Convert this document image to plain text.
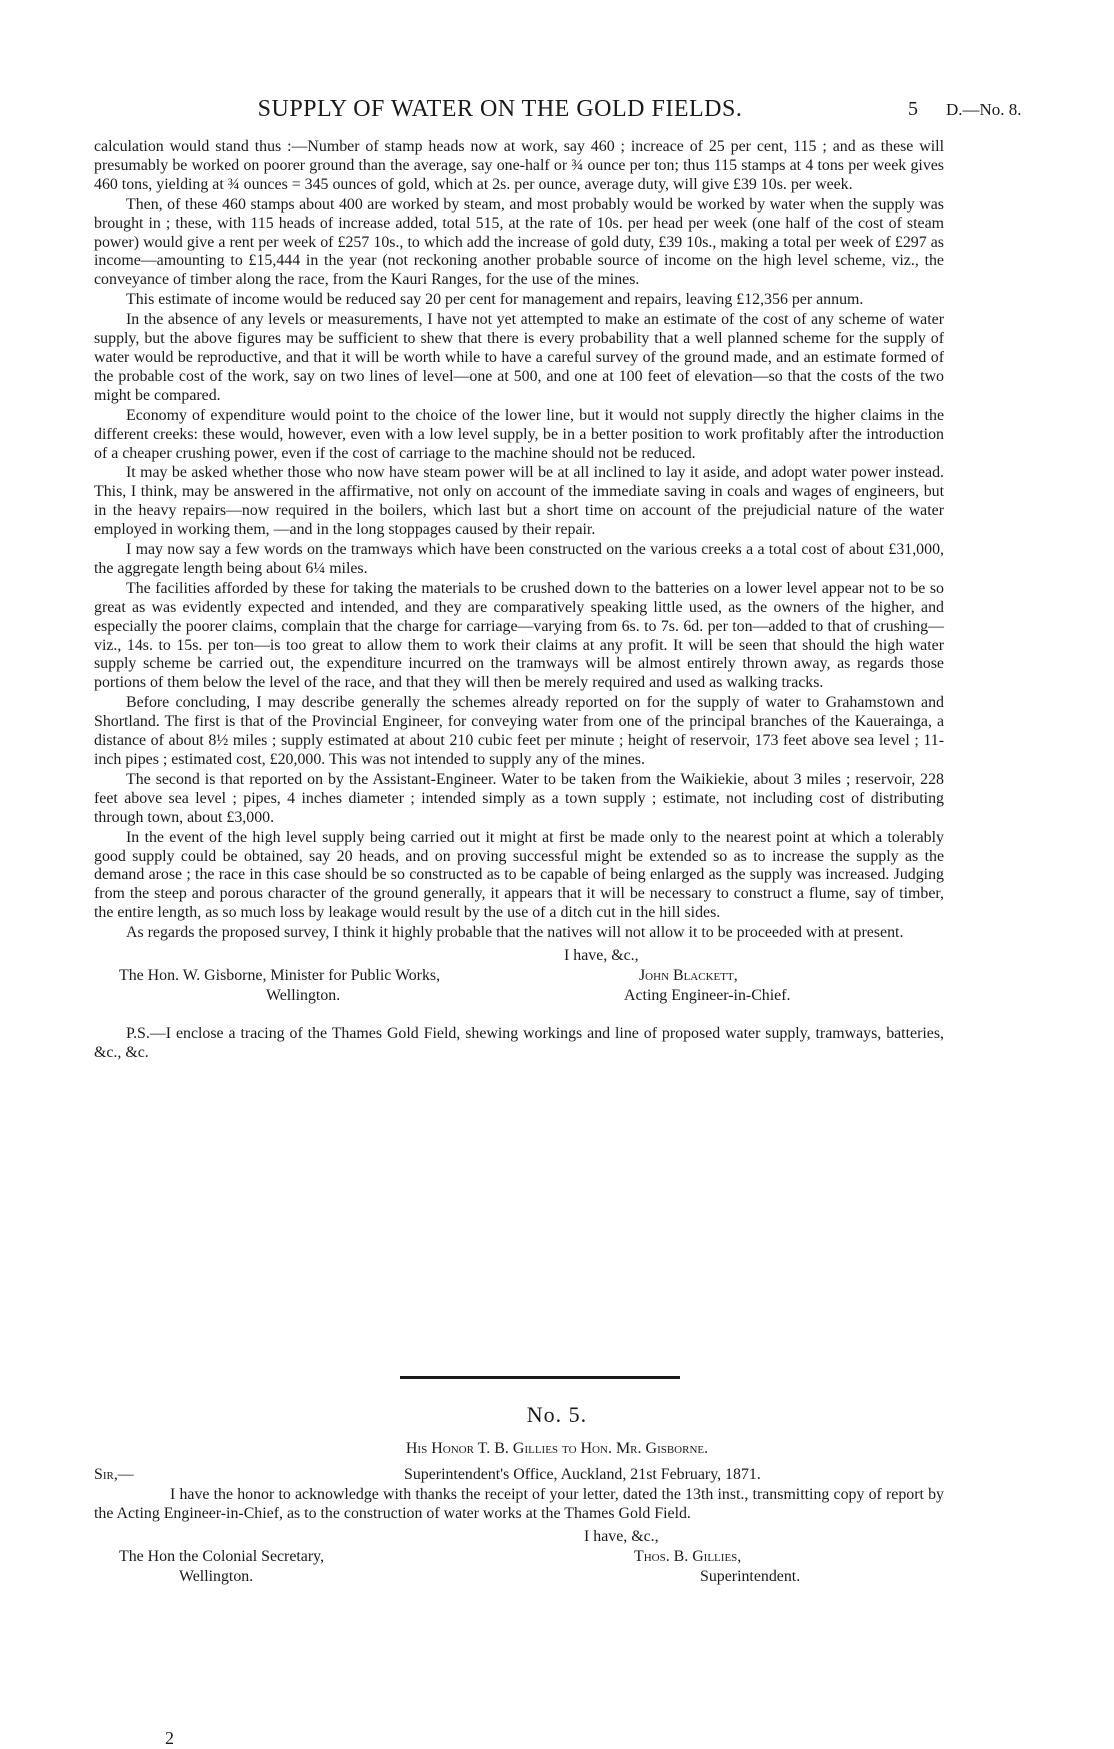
SUPPLY OF WATER ON THE GOLD FIELDS.	5 D.—No. 8.

calculation would stand thus :—Number of stamp heads now at work, say 460 ; increace of 25 per cent, 115 ; and as these will presumably be worked on poorer ground than the average, say one-half or ¾ ounce per ton; thus 115 stamps at 4 tons per week gives 460 tons, yielding at ¾ ounces = 345 ounces of gold, which at 2s. per ounce, average duty, will give £39 10s. per week.

Then, of these 460 stamps about 400 are worked by steam, and most probably would be worked by water when the supply was brought in ; these, with 115 heads of increase added, total 515, at the rate of 10s. per head per week (one half of the cost of steam power) would give a rent per week of £257 10s., to which add the increase of gold duty, £39 10s., making a total per week of £297 as income—amounting to £15,444 in the year (not reckoning another probable source of income on the high level scheme, viz., the conveyance of timber along the race, from the Kauri Ranges, for the use of the mines.

This estimate of income would be reduced say 20 per cent for management and repairs, leaving £12,356 per annum.

In the absence of any levels or measurements, I have not yet attempted to make an estimate of the cost of any scheme of water supply, but the above figures may be sufficient to shew that there is every probability that a well planned scheme for the supply of water would be reproductive, and that it will be worth while to have a careful survey of the ground made, and an estimate formed of the probable cost of the work, say on two lines of level—one at 500, and one at 100 feet of elevation—so that the costs of the two might be compared.

Economy of expenditure would point to the choice of the lower line, but it would not supply directly the higher claims in the different creeks: these would, however, even with a low level supply, be in a better position to work profitably after the introduction of a cheaper crushing power, even if the cost of carriage to the machine should not be reduced.

It may be asked whether those who now have steam power will be at all inclined to lay it aside, and adopt water power instead. This, I think, may be answered in the affirmative, not only on account of the immediate saving in coals and wages of engineers, but in the heavy repairs—now required in the boilers, which last but a short time on account of the prejudicial nature of the water employed in working them, —and in the long stoppages caused by their repair.

I may now say a few words on the tramways which have been constructed on the various creeks a a total cost of about £31,000, the aggregate length being about 6¼ miles.

The facilities afforded by these for taking the materials to be crushed down to the batteries on a lower level appear not to be so great as was evidently expected and intended, and they are comparatively speaking little used, as the owners of the higher, and especially the poorer claims, complain that the charge for carriage—varying from 6s. to 7s. 6d. per ton—added to that of crushing—viz., 14s. to 15s. per ton—is too great to allow them to work their claims at any profit. It will be seen that should the high water supply scheme be carried out, the expenditure incurred on the tramways will be almost entirely thrown away, as regards those portions of them below the level of the race, and that they will then be merely required and used as walking tracks.

Before concluding, I may describe generally the schemes already reported on for the supply of water to Grahamstown and Shortland. The first is that of the Provincial Engineer, for conveying water from one of the principal branches of the Kauerainga, a distance of about 8½ miles ; supply estimated at about 210 cubic feet per minute ; height of reservoir, 173 feet above sea level ; 11-inch pipes ; estimated cost, £20,000. This was not intended to supply any of the mines.

The second is that reported on by the Assistant-Engineer. Water to be taken from the Waikiekie, about 3 miles ; reservoir, 228 feet above sea level ; pipes, 4 inches diameter ; intended simply as a town supply ; estimate, not including cost of distributing through town, about £3,000.

In the event of the high level supply being carried out it might at first be made only to the nearest point at which a tolerably good supply could be obtained, say 20 heads, and on proving successful might be extended so as to increase the supply as the demand arose ; the race in this case should be so constructed as to be capable of being enlarged as the supply was increased. Judging from the steep and porous character of the ground generally, it appears that it will be necessary to construct a flume, say of timber, the entire length, as so much loss by leakage would result by the use of a ditch cut in the hill sides.

As regards the proposed survey, I think it highly probable that the natives will not allow it to be proceeded with at present.

I have, &c.,
John Blackett,
Acting Engineer-in-Chief.
The Hon. W. Gisborne, Minister for Public Works,
Wellington.

P.S.—I enclose a tracing of the Thames Gold Field, shewing workings and line of proposed water supply, tramways, batteries, &c., &c.

No. 5.
His Honor T. B. Gillies to Hon. Mr. Gisborne.
Sir,—	Superintendent's Office, Auckland, 21st February, 1871.

I have the honor to acknowledge with thanks the receipt of your letter, dated the 13th inst., transmitting copy of report by the Acting Engineer-in-Chief, as to the construction of water works at the Thames Gold Field.

I have, &c.,
Thos. B. Gillies,
Superintendent.
The Hon the Colonial Secretary,
Wellington.
2
